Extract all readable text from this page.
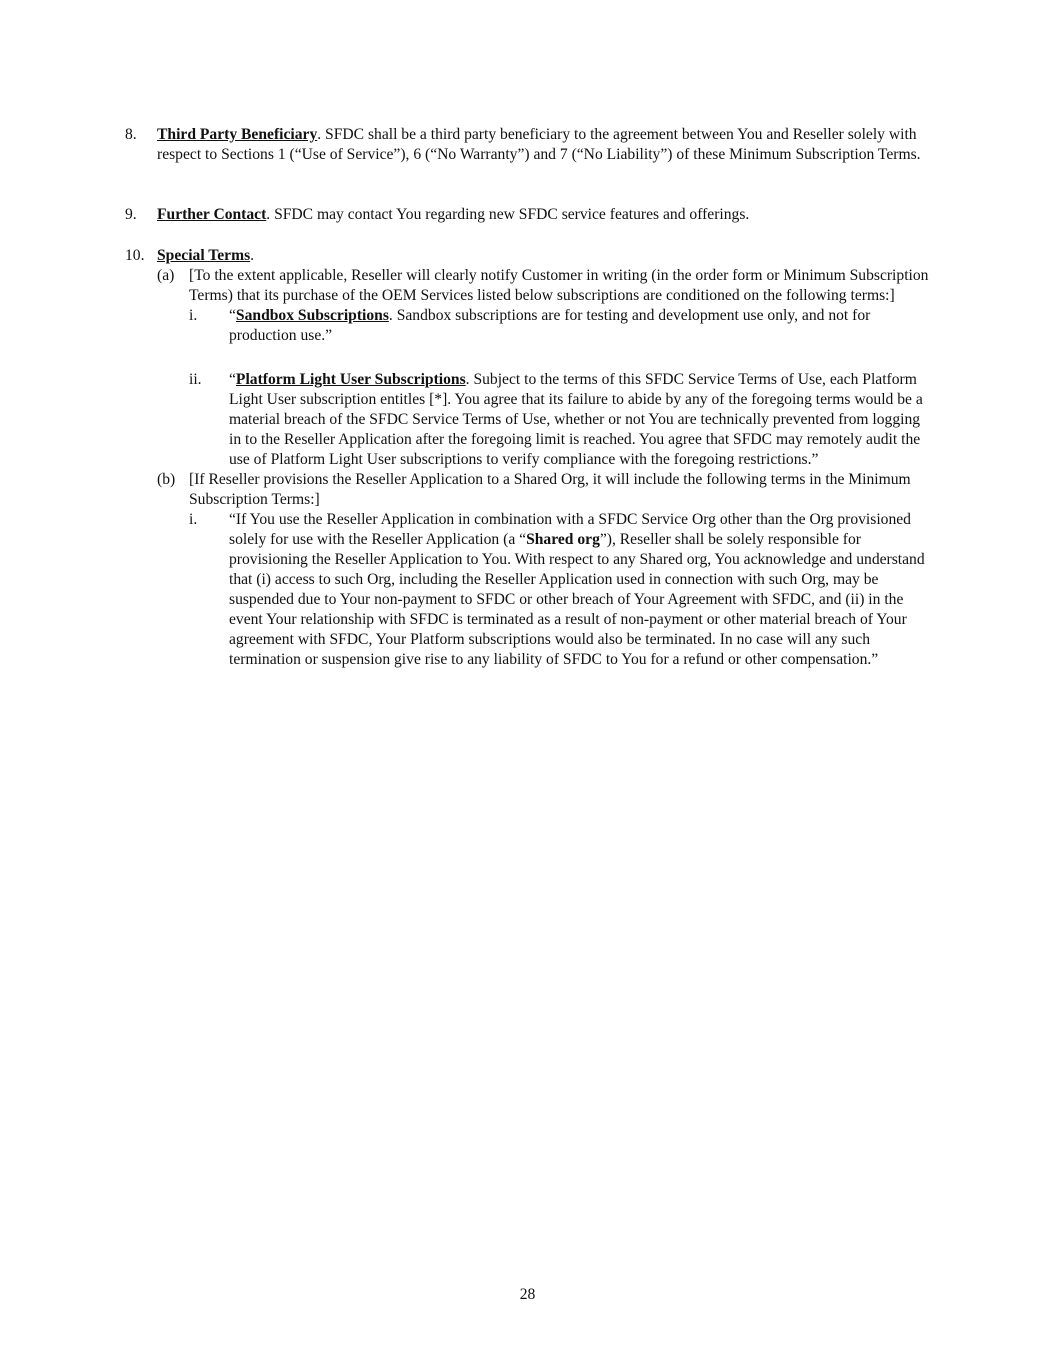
8. Third Party Beneficiary. SFDC shall be a third party beneficiary to the agreement between You and Reseller solely with respect to Sections 1 (“Use of Service”), 6 (“No Warranty”) and 7 (“No Liability”) of these Minimum Subscription Terms.
9. Further Contact. SFDC may contact You regarding new SFDC service features and offerings.
10. Special Terms.
(a) [To the extent applicable, Reseller will clearly notify Customer in writing (in the order form or Minimum Subscription Terms) that its purchase of the OEM Services listed below subscriptions are conditioned on the following terms:]
i. “Sandbox Subscriptions. Sandbox subscriptions are for testing and development use only, and not for production use.”
ii. “Platform Light User Subscriptions. Subject to the terms of this SFDC Service Terms of Use, each Platform Light User subscription entitles [*]. You agree that its failure to abide by any of the foregoing terms would be a material breach of the SFDC Service Terms of Use, whether or not You are technically prevented from logging in to the Reseller Application after the foregoing limit is reached. You agree that SFDC may remotely audit the use of Platform Light User subscriptions to verify compliance with the foregoing restrictions.”
(b) [If Reseller provisions the Reseller Application to a Shared Org, it will include the following terms in the Minimum Subscription Terms:]
i. “If You use the Reseller Application in combination with a SFDC Service Org other than the Org provisioned solely for use with the Reseller Application (a “Shared org”), Reseller shall be solely responsible for provisioning the Reseller Application to You. With respect to any Shared org, You acknowledge and understand that (i) access to such Org, including the Reseller Application used in connection with such Org, may be suspended due to Your non-payment to SFDC or other breach of Your Agreement with SFDC, and (ii) in the event Your relationship with SFDC is terminated as a result of non-payment or other material breach of Your agreement with SFDC, Your Platform subscriptions would also be terminated. In no case will any such termination or suspension give rise to any liability of SFDC to You for a refund or other compensation.”
28
